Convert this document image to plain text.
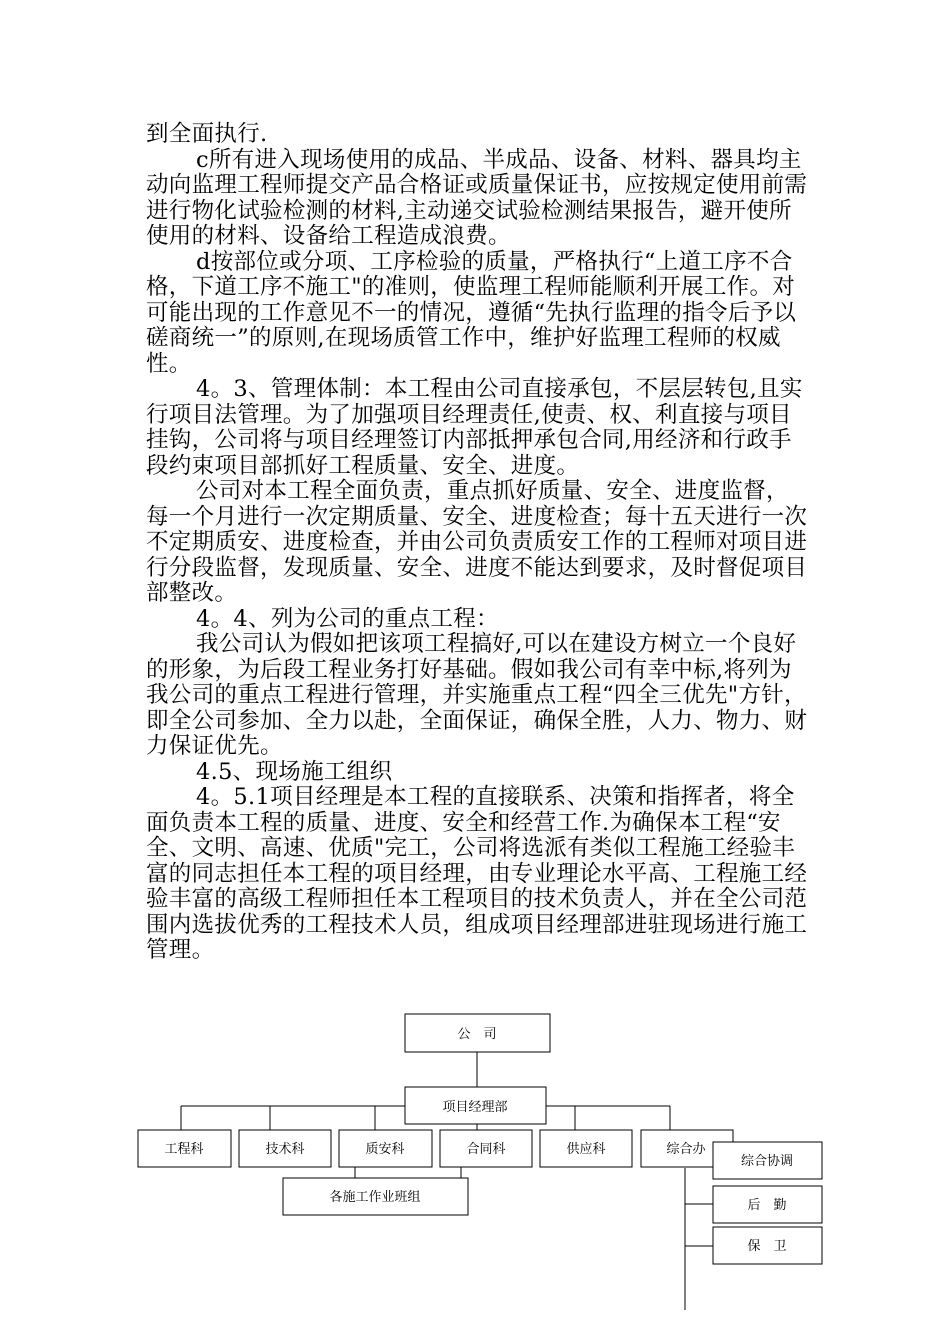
到全面执行.

c所有进入现场使用的成品、半成品、设备、材料、器具均主动向监理工程师提交产品合格证或质量保证书，应按规定使用前需进行物化试验检测的材料,主动递交试验检测结果报告，避开使所使用的材料、设备给工程造成浪费。

d按部位或分项、工序检验的质量，严格执行“上道工序不合格，下道工序不施工"的准则，使监理工程师能顺利开展工作。对可能出现的工作意见不一的情况，遵循“先执行监理的指令后予以磋商统一”的原则,在现场质管工作中，维护好监理工程师的权威性。

4。3、管理体制：本工程由公司直接承包，不层层转包,且实行项目法管理。为了加强项目经理责任,使责、权、利直接与项目挂钩，公司将与项目经理签订内部抵押承包合同,用经济和行政手段约束项目部抓好工程质量、安全、进度。

公司对本工程全面负责，重点抓好质量、安全、进度监督，每一个月进行一次定期质量、安全、进度检查；每十五天进行一次不定期质安、进度检查，并由公司负责质安工作的工程师对项目进行分段监督，发现质量、安全、进度不能达到要求，及时督促项目部整改。

4。4、列为公司的重点工程：

我公司认为假如把该项工程搞好,可以在建设方树立一个良好的形象，为后段工程业务打好基础。假如我公司有幸中标,将列为我公司的重点工程进行管理，并实施重点工程“四全三优先"方针，即全公司参加、全力以赴，全面保证，确保全胜，人力、物力、财力保证优先。

4.5、现场施工组织

4。5.1项目经理是本工程的直接联系、决策和指挥者，将全面负责本工程的质量、进度、安全和经营工作.为确保本工程“安全、文明、高速、优质"完工，公司将选派有类似工程施工经验丰富的同志担任本工程的项目经理，由专业理论水平高、工程施工经验丰富的高级工程师担任本工程项目的技术负责人，并在全公司范围内选拔优秀的工程技术人员，组成项目经理部进驻现场进行施工管理。

公　司
项目经理部
工程科	技术科	质安科	合同科	供应科	综合办
各施工作业班组
综合协调
后　勤
保　卫
